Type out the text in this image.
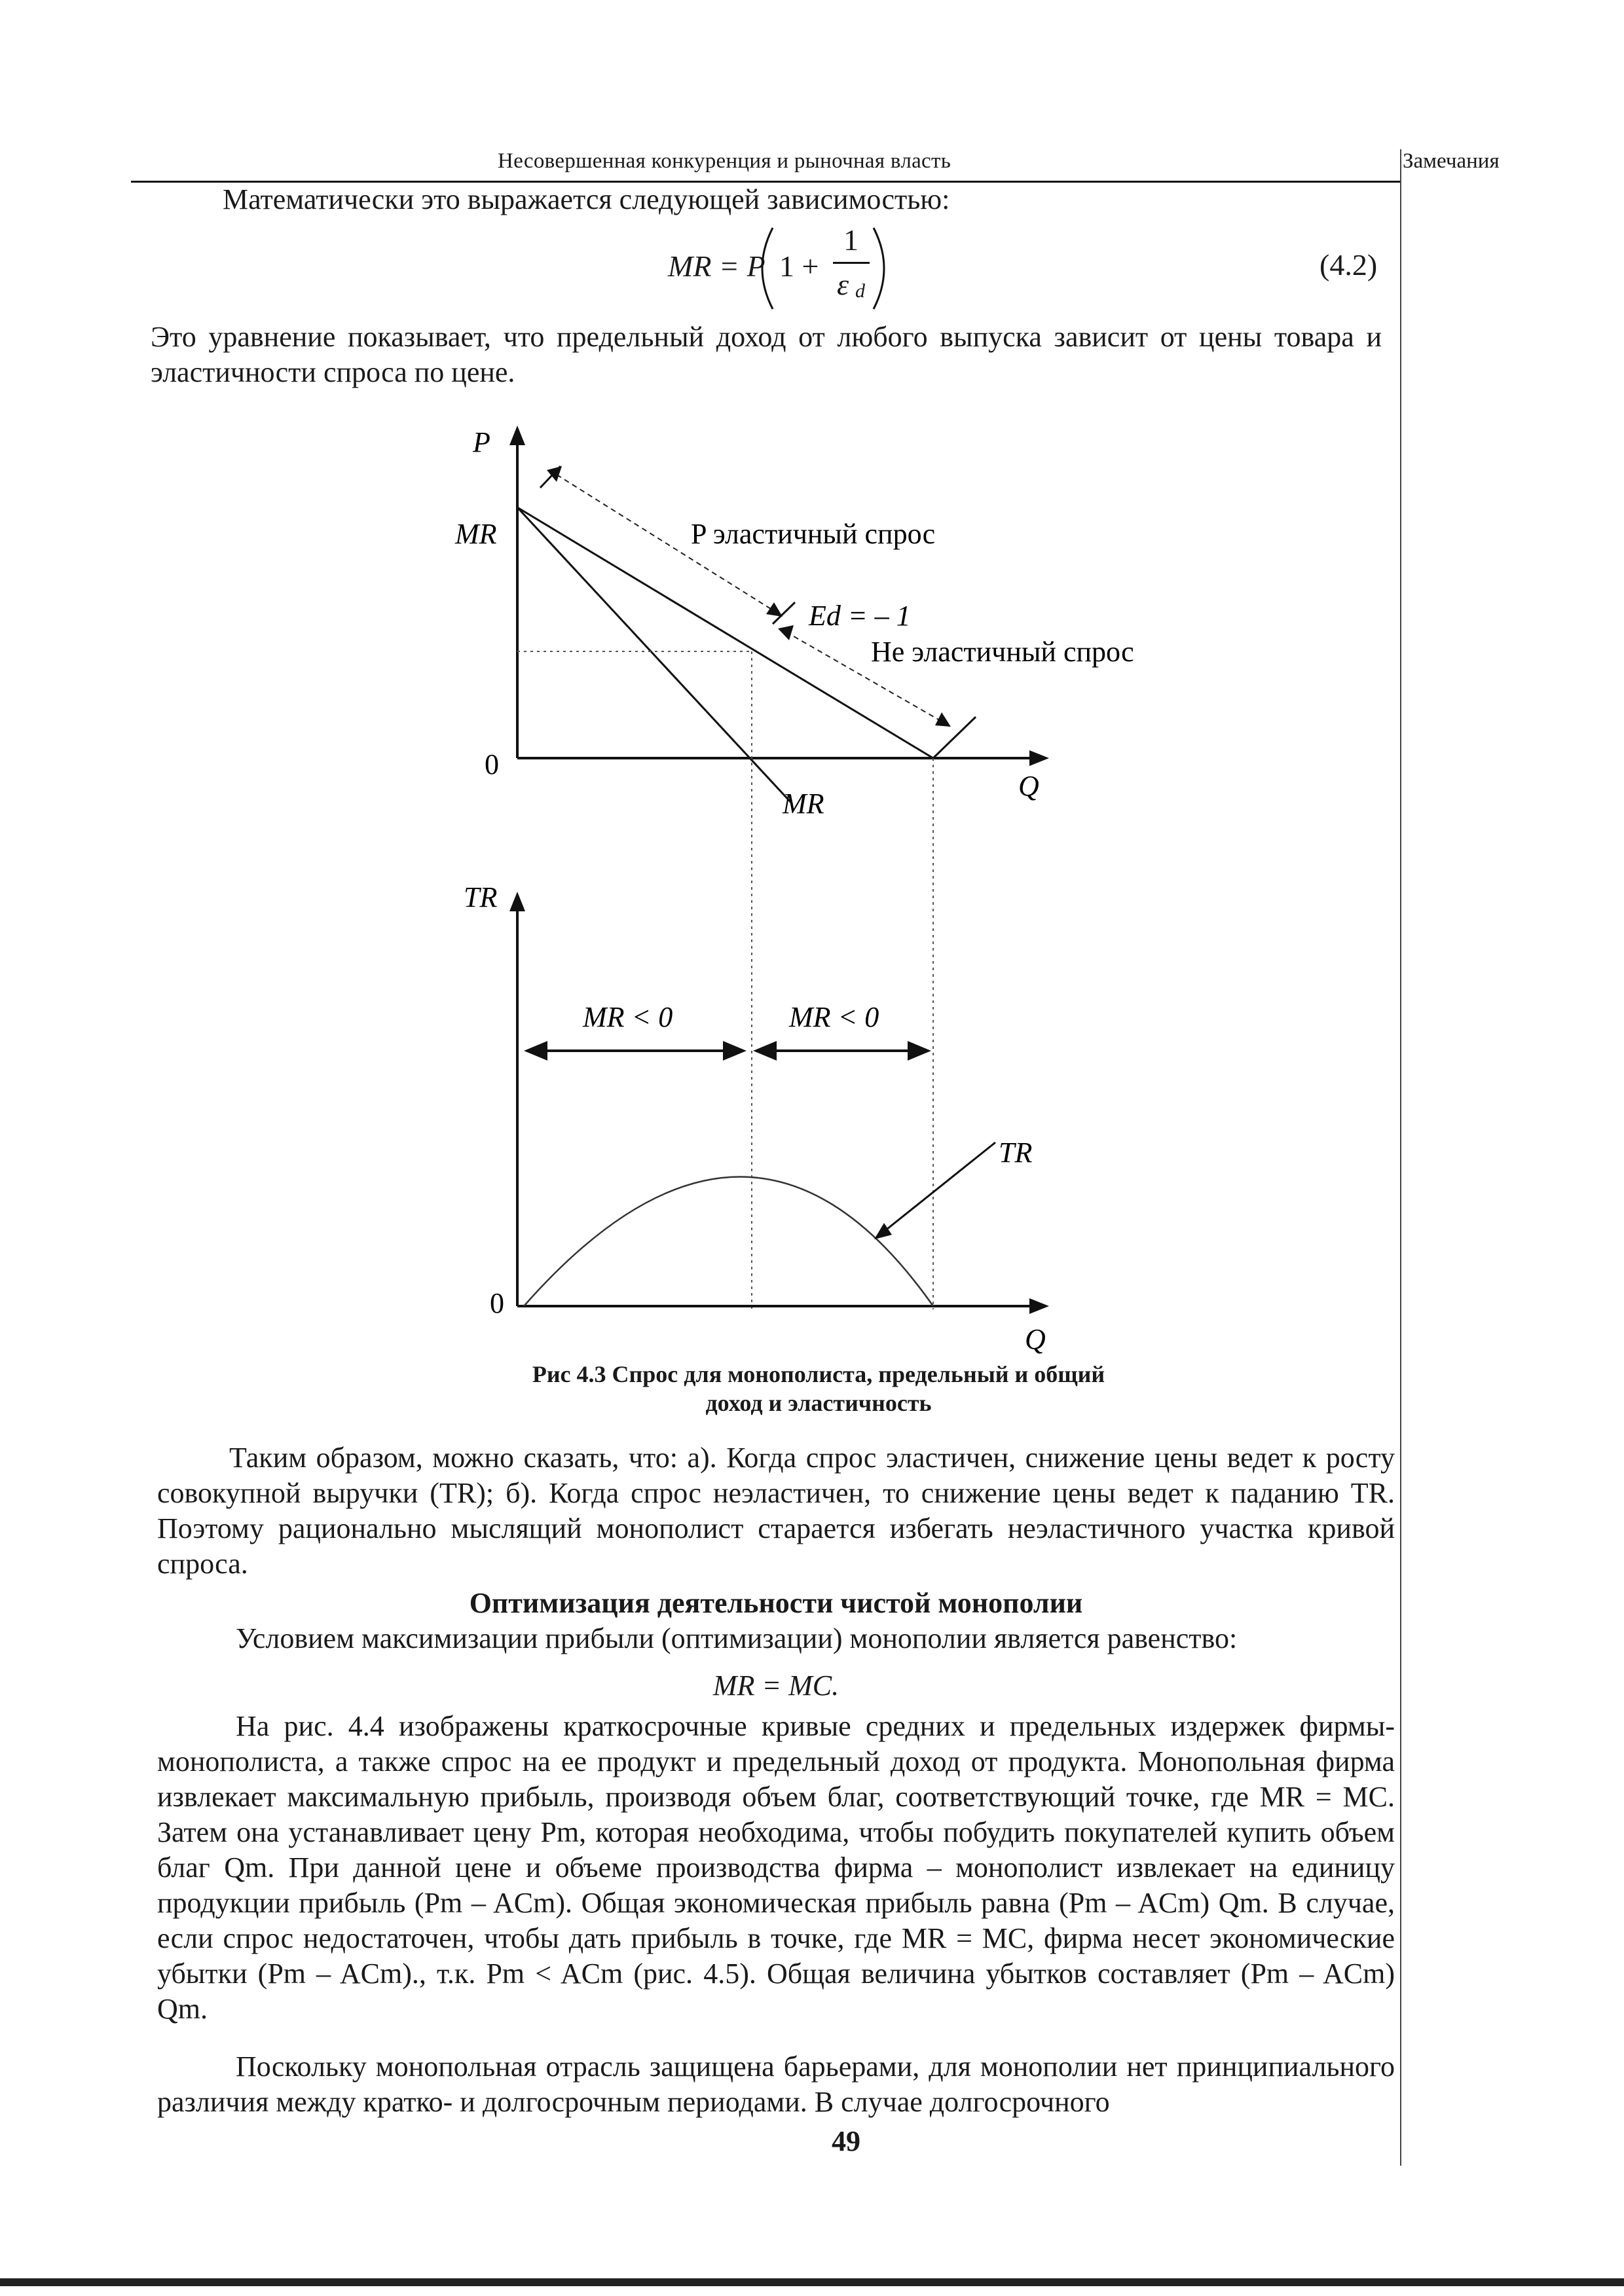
Несовершенная конкуренция и рыночная власть	Замечания
Математически это выражается следующей зависимостью:
MR = P 1 +
1
ε d
(4.2)
Это уравнение показывает, что предельный доход от любого выпуска зависит от цены товара и эластичности спроса по цене.
P
MR
0
Q
MR
P эластичный спрос
Ed = – 1
Не эластичный спрос
MR < 0	MR < 0
TR
0
Q
TR
Рис 4.3 Спрос для монополиста, предельный и общий
доход и эластичность
Таким образом, можно сказать, что: а). Когда спрос эластичен, снижение цены ведет к росту совокупной выручки (TR); б). Когда спрос неэластичен, то снижение цены ведет к паданию TR. Поэтому рационально мыслящий монополист старается избегать неэластичного участка кривой спроса.
Оптимизация деятельности чистой монополии
Условием максимизации прибыли (оптимизации) монополии является равенство:
MR = MC.
На рис. 4.4 изображены краткосрочные кривые средних и предельных издержек фирмы-монополиста, а также спрос на ее продукт и предельный доход от продукта. Монопольная фирма извлекает максимальную прибыль, производя объем благ, соответствующий точке, где MR = MC. Затем она устанавливает цену Pm, которая необходима, чтобы побудить покупателей купить объем благ Qm. При данной цене и объеме производства фирма – монополист извлекает на единицу продукции прибыль (Pm – ACm). Общая экономическая прибыль равна (Pm – ACm) Qm. В случае, если спрос недостаточен, чтобы дать прибыль в точке, где MR = MC, фирма несет экономические убытки (Pm – ACm)., т.к. Pm < ACm (рис. 4.5). Общая величина убытков составляет (Pm – ACm) Qm.
Поскольку монопольная отрасль защищена барьерами, для монополии нет принципиального различия между кратко- и долгосрочным периодами. В случае долгосрочного
49
